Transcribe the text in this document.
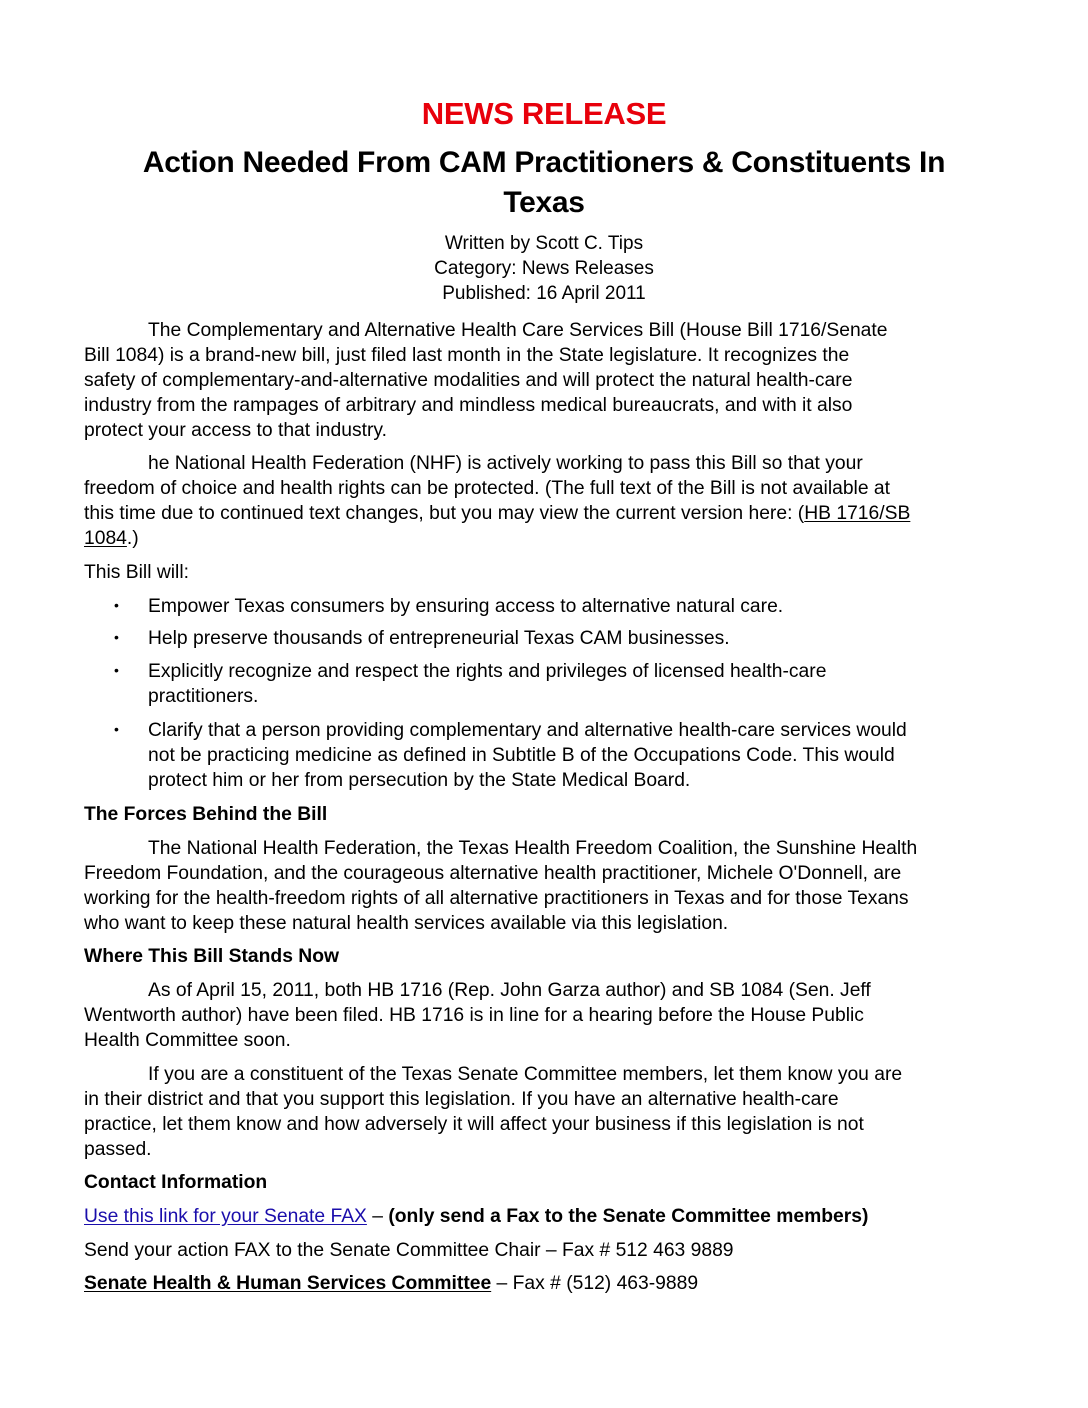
NEWS RELEASE
Action Needed From CAM Practitioners & Constituents In
Texas
Written by Scott C. Tips
Category: News Releases
Published: 16 April 2011
The Complementary and Alternative Health Care Services Bill (House Bill 1716/Senate
Bill 1084) is a brand-new bill, just filed last month in the State legislature. It recognizes the
safety of complementary-and-alternative modalities and will protect the natural health-care
industry from the rampages of arbitrary and mindless medical bureaucrats, and with it also
protect your access to that industry.
he National Health Federation (NHF) is actively working to pass this Bill so that your
freedom of choice and health rights can be protected. (The full text of the Bill is not available at
this time due to continued text changes, but you may view the current version here: (HB 1716/SB
1084.)
This Bill will:
• Empower Texas consumers by ensuring access to alternative natural care.
• Help preserve thousands of entrepreneurial Texas CAM businesses.
• Explicitly recognize and respect the rights and privileges of licensed health-care
practitioners.
• Clarify that a person providing complementary and alternative health-care services would
not be practicing medicine as defined in Subtitle B of the Occupations Code. This would
protect him or her from persecution by the State Medical Board.
The Forces Behind the Bill
The National Health Federation, the Texas Health Freedom Coalition, the Sunshine Health
Freedom Foundation, and the courageous alternative health practitioner, Michele O'Donnell, are
working for the health-freedom rights of all alternative practitioners in Texas and for those Texans
who want to keep these natural health services available via this legislation.
Where This Bill Stands Now
As of April 15, 2011, both HB 1716 (Rep. John Garza author) and SB 1084 (Sen. Jeff
Wentworth author) have been filed. HB 1716 is in line for a hearing before the House Public
Health Committee soon.
If you are a constituent of the Texas Senate Committee members, let them know you are
in their district and that you support this legislation. If you have an alternative health-care
practice, let them know and how adversely it will affect your business if this legislation is not
passed.
Contact Information
Use this link for your Senate FAX – (only send a Fax to the Senate Committee members)
Send your action FAX to the Senate Committee Chair – Fax # 512 463 9889
Senate Health & Human Services Committee – Fax # (512) 463-9889
